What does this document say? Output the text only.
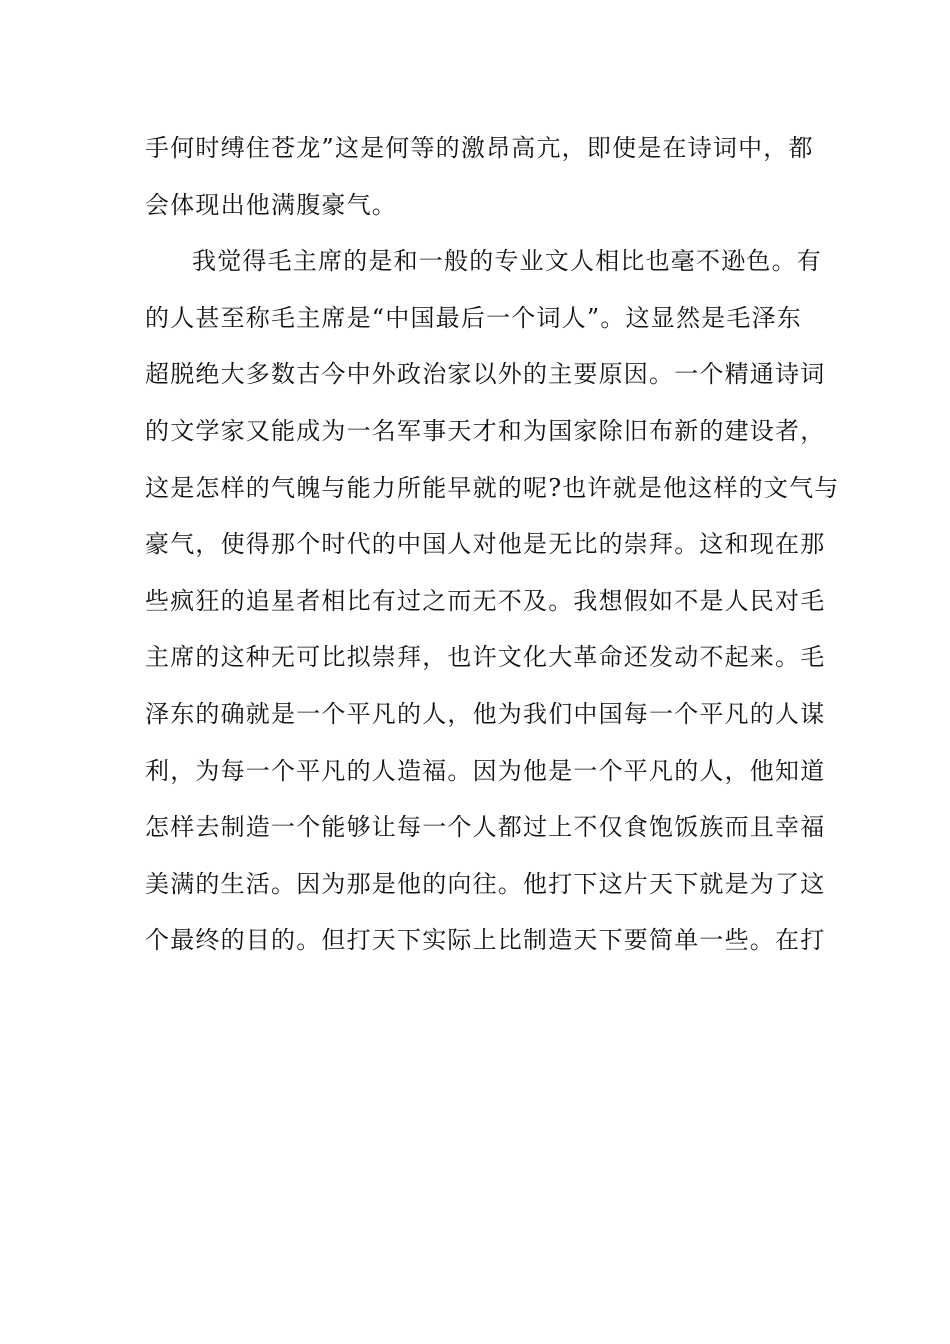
手何时缚住苍龙”这是何等的激昂高亢，即使是在诗词中，都
会体现出他满腹豪气。
我觉得毛主席的是和一般的专业文人相比也毫不逊色。有
的人甚至称毛主席是“中国最后一个词人”。这显然是毛泽东
超脱绝大多数古今中外政治家以外的主要原因。一个精通诗词
的文学家又能成为一名军事天才和为国家除旧布新的建设者，
这是怎样的气魄与能力所能早就的呢?也许就是他这样的文气与
豪气，使得那个时代的中国人对他是无比的崇拜。这和现在那
些疯狂的追星者相比有过之而无不及。我想假如不是人民对毛
主席的这种无可比拟崇拜，也许文化大革命还发动不起来。毛
泽东的确就是一个平凡的人，他为我们中国每一个平凡的人谋
利，为每一个平凡的人造福。因为他是一个平凡的人，他知道
怎样去制造一个能够让每一个人都过上不仅食饱饭族而且幸福
美满的生活。因为那是他的向往。他打下这片天下就是为了这
个最终的目的。但打天下实际上比制造天下要简单一些。在打
